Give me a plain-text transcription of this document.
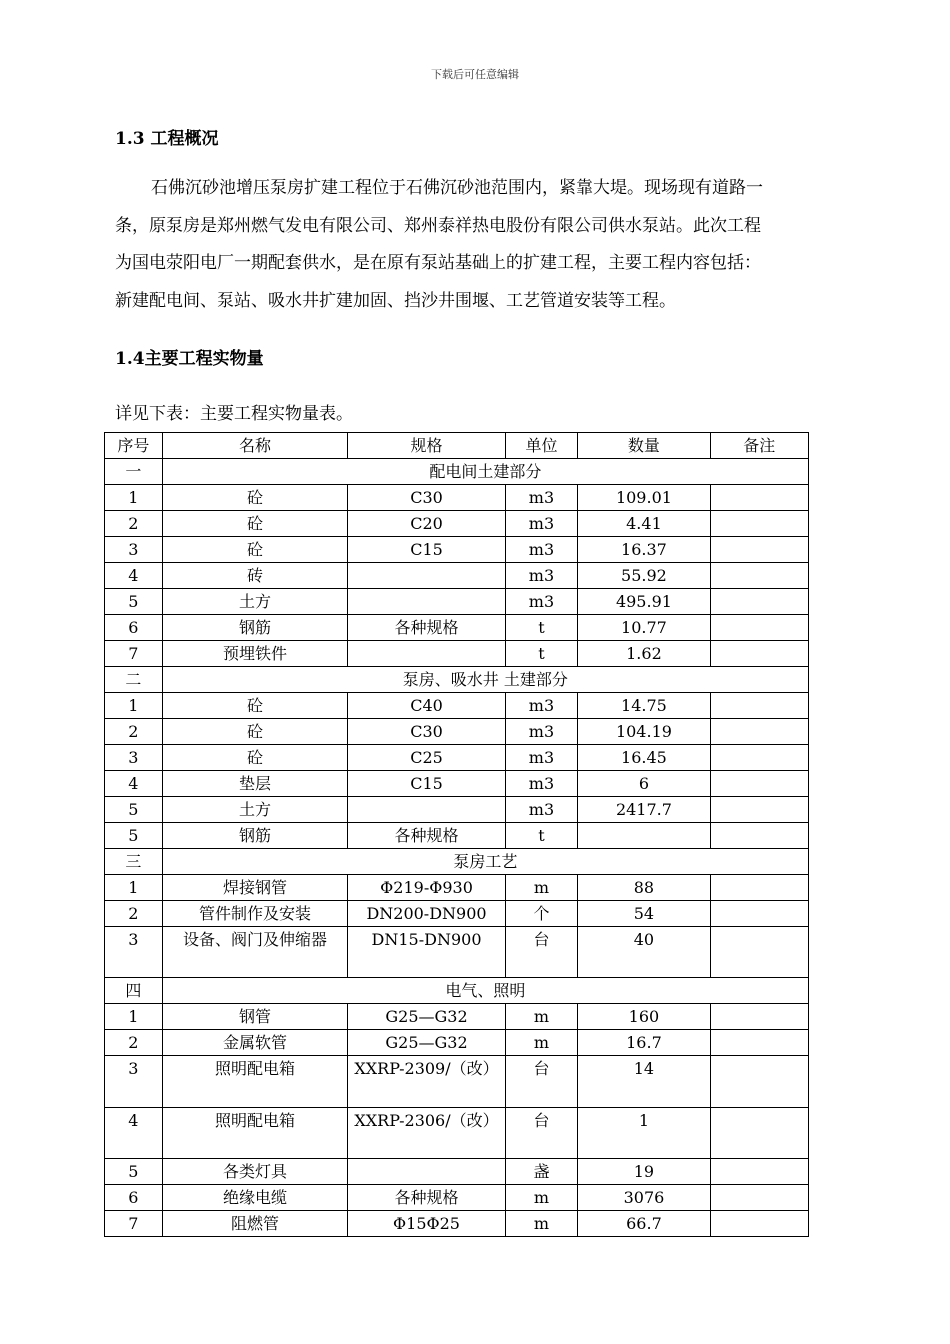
下载后可任意编辑
1.3 工程概况

石佛沉砂池增压泵房扩建工程位于石佛沉砂池范围内，紧靠大堤。现场现有道路一

条，原泵房是郑州燃气发电有限公司、郑州泰祥热电股份有限公司供水泵站。此次工程

为国电荥阳电厂一期配套供水，是在原有泵站基础上的扩建工程，主要工程内容包括：

新建配电间、泵站、吸水井扩建加固、挡沙井围堰、工艺管道安装等工程。

1.4主要工程实物量
详见下表：主要工程实物量表。
序号	名称	规格	单位	数量	备注
一	配电间土建部分				
1	砼	C30	m3	109.01	
2	砼	C20	m3	4.41	
3	砼	C15	m3	16.37	
4	砖		m3	55.92	
5	土方		m3	495.91	
6	钢筋	各种规格	t	10.77	
7	预埋铁件		t	1.62	
二	泵房、吸水井 土建部分				
1	砼	C40	m3	14.75	
2	砼	C30	m3	104.19	
3	砼	C25	m3	16.45	
4	垫层	C15	m3	6	
5	土方		m3	2417.7	
5	钢筋	各种规格	t		
三	泵房工艺				
1	焊接钢管	Φ219-Φ930	m	88	
2	管件制作及安装	DN200-DN900	个	54	
3	设备、阀门及伸缩器	DN15-DN900	台	40	
四	电气、照明				
1	钢管	G25—G32	m	160	
2	金属软管	G25—G32	m	16.7	
3	照明配电箱	XXRP-2309/（改）	台	14	
4	照明配电箱	XXRP-2306/（改）	台	1	
5	各类灯具		盏	19	
6	绝缘电缆	各种规格	m	3076	
7	阻燃管	Φ15Φ25	m	66.7	
